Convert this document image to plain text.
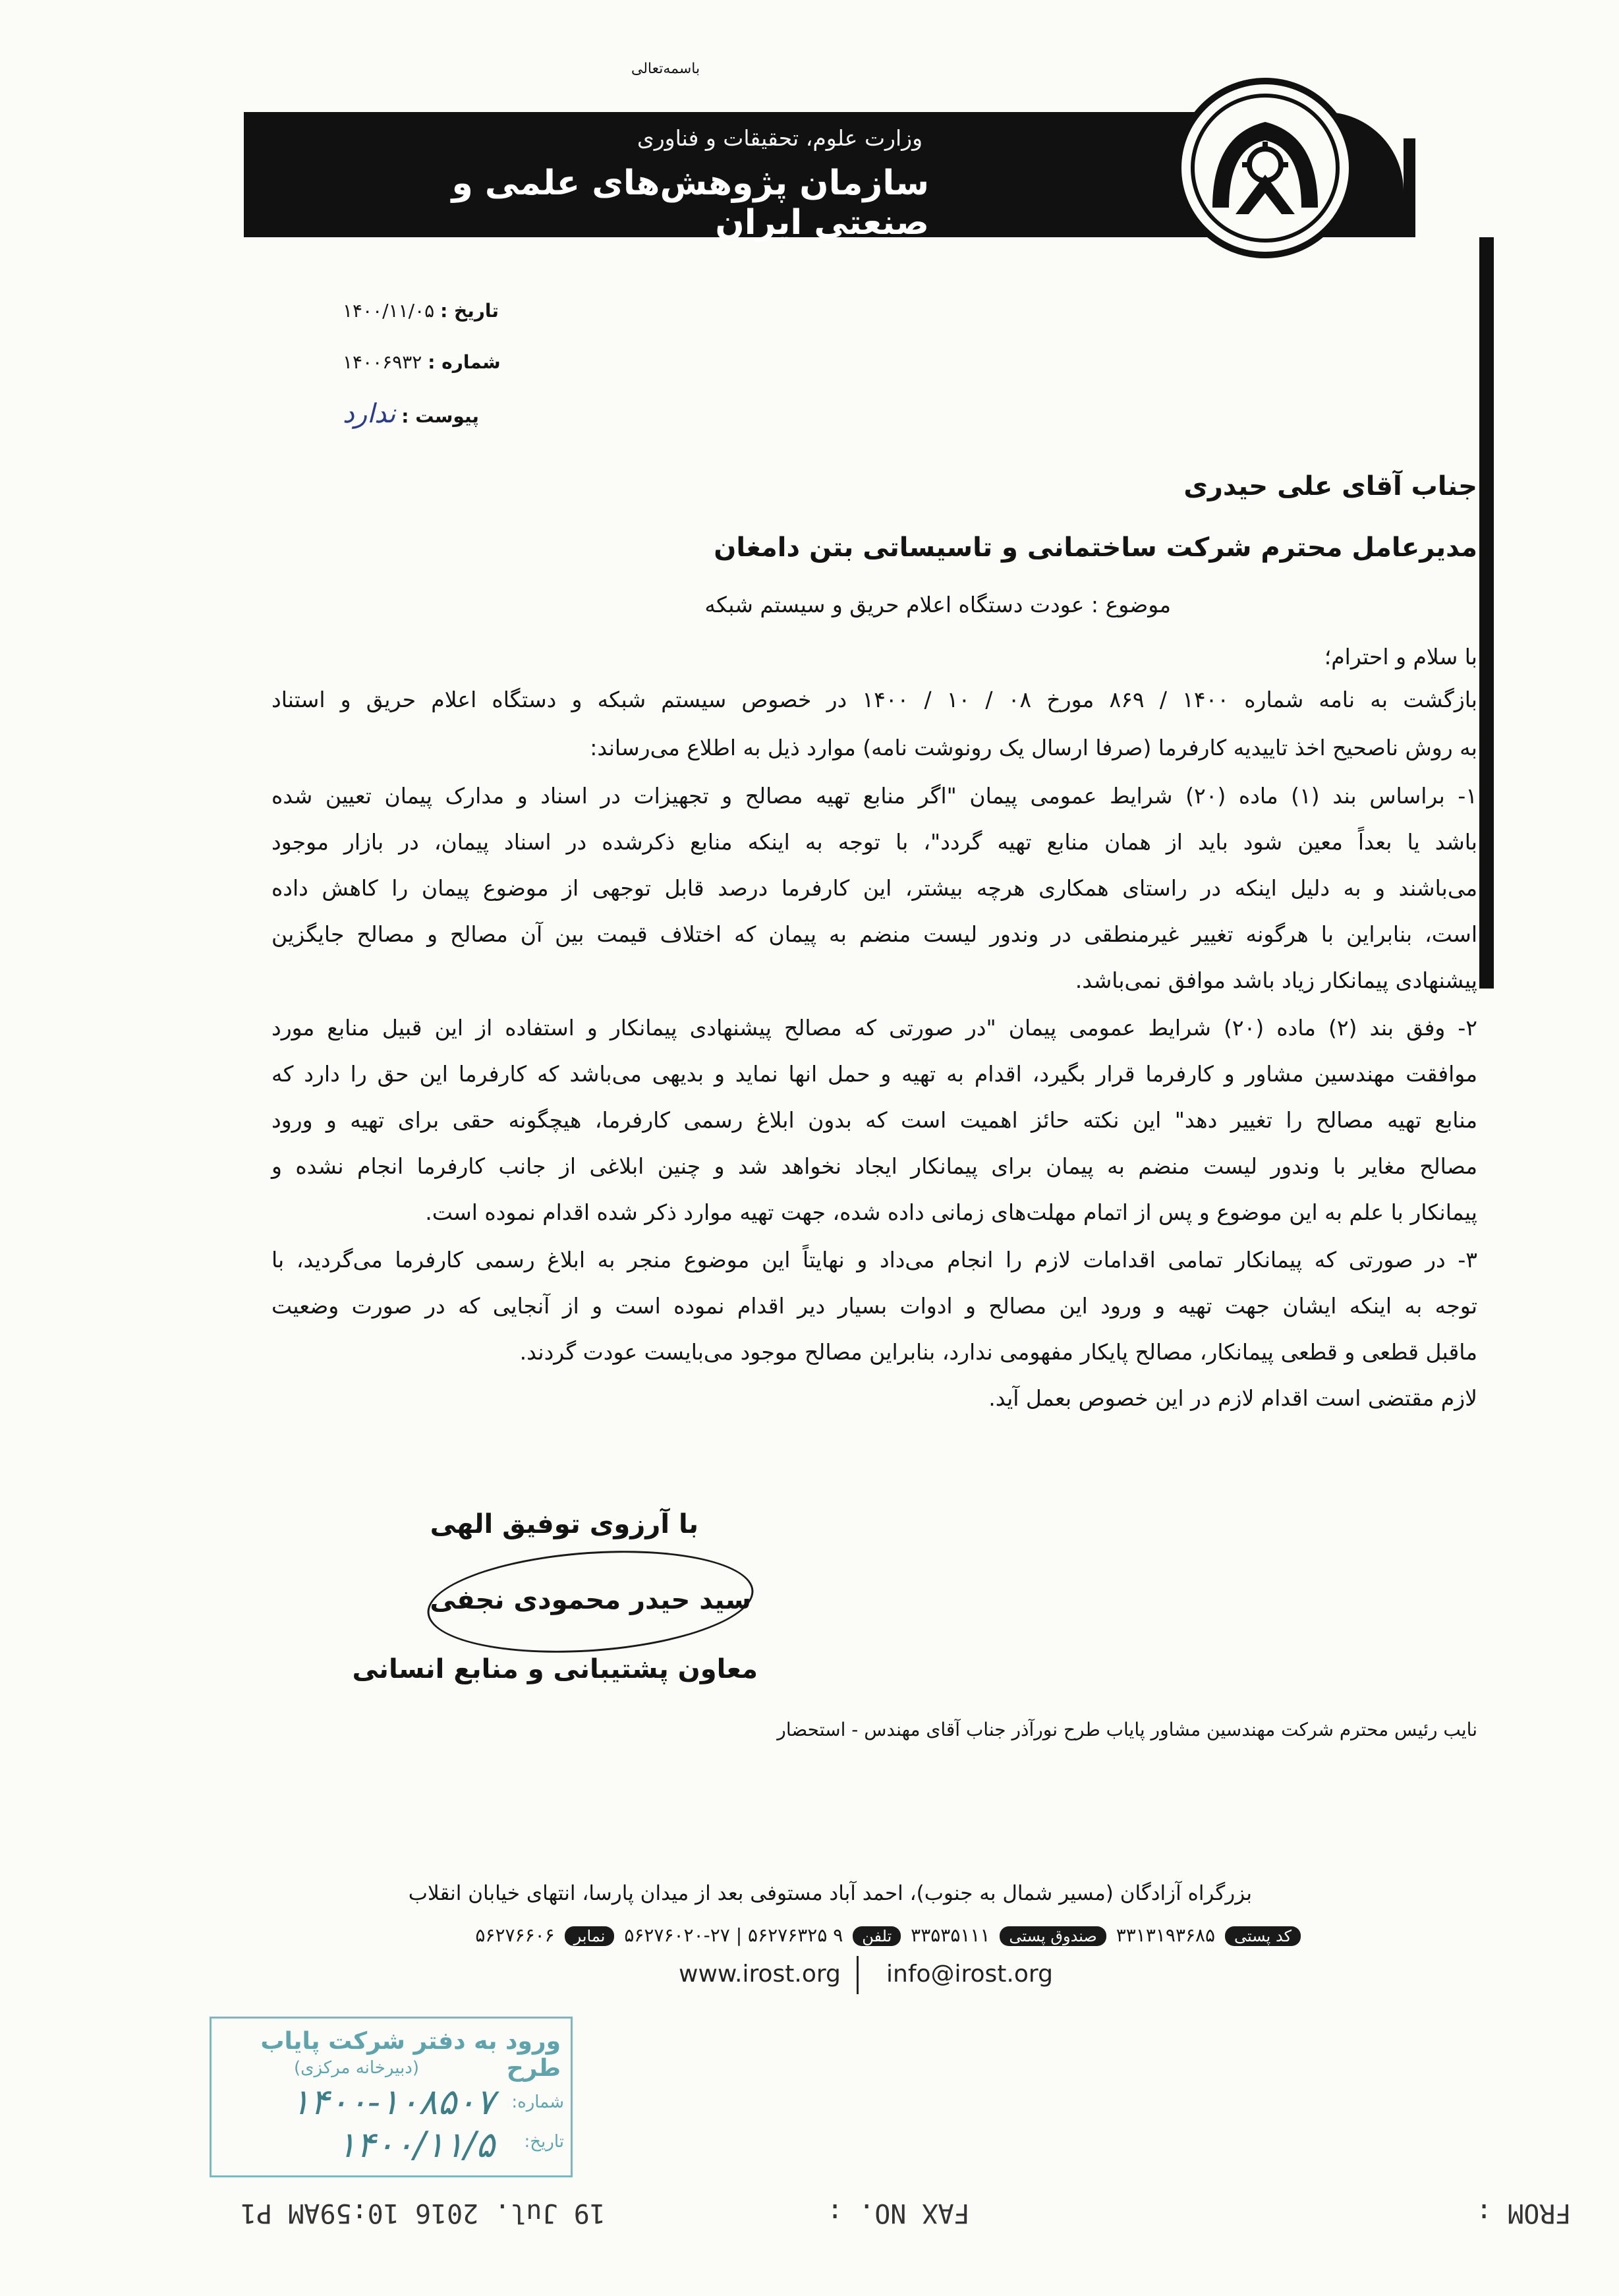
باسمه‌تعالی
وزارت علوم، تحقیقات و فناوری
سازمان پژوهش‌های علمی و صنعتی ایران
تاریخ : ۱۴۰۰/۱۱/۰۵
شماره : ۱۴۰۰۶۹۳۲
پیوست : ندارد
جناب آقای علی حیدری
مدیرعامل محترم شرکت ساختمانی و تاسیساتی بتن دامغان
موضوع : عودت دستگاه اعلام حریق و سیستم شبکه
با سلام و احترام؛
بازگشت به نامه شماره ۱۴۰۰ / ۸۶۹ مورخ ۰۸ / ۱۰ / ۱۴۰۰ در خصوص سیستم شبکه و دستگاه اعلام حریق و استناد
به روش ناصحیح اخذ تاییدیه کارفرما (صرفا ارسال یک رونوشت نامه) موارد ذیل به اطلاع می‌رساند:
۱- براساس بند (۱) ماده (۲۰) شرایط عمومی پیمان "اگر منابع تهیه مصالح و تجهیزات در اسناد و مدارک پیمان تعیین شده
باشد یا بعداً معین شود باید از همان منابع تهیه گردد"، با توجه به اینکه منابع ذکرشده در اسناد پیمان، در بازار موجود
می‌باشند و به دلیل اینکه در راستای همکاری هرچه بیشتر، این کارفرما درصد قابل توجهی از موضوع پیمان را کاهش داده
است، بنابراین با هرگونه تغییر غیرمنطقی در وندور لیست منضم به پیمان که اختلاف قیمت بین آن مصالح و مصالح جایگزین
پیشنهادی پیمانکار زیاد باشد موافق نمی‌باشد.
۲- وفق بند (۲) ماده (۲۰) شرایط عمومی پیمان "در صورتی که مصالح پیشنهادی پیمانکار و استفاده از این قبیل منابع مورد
موافقت مهندسین مشاور و کارفرما قرار بگیرد، اقدام به تهیه و حمل انها نماید و بدیهی می‌باشد که کارفرما این حق را دارد که
منابع تهیه مصالح را تغییر دهد" این نکته حائز اهمیت است که بدون ابلاغ رسمی کارفرما، هیچگونه حقی برای تهیه و ورود
مصالح مغایر با وندور لیست منضم به پیمان برای پیمانکار ایجاد نخواهد شد و چنین ابلاغی از جانب کارفرما انجام نشده و
پیمانکار با علم به این موضوع و پس از اتمام مهلت‌های زمانی داده شده، جهت تهیه موارد ذکر شده اقدام نموده است.
۳- در صورتی که پیمانکار تمامی اقدامات لازم را انجام می‌داد و نهایتاً این موضوع منجر به ابلاغ رسمی کارفرما می‌گردید، با
توجه به اینکه ایشان جهت تهیه و ورود این مصالح و ادوات بسیار دیر اقدام نموده است و از آنجایی که در صورت وضعیت
ماقبل قطعی و قطعی پیمانکار، مصالح پایکار مفهومی ندارد، بنابراین مصالح موجود می‌بایست عودت گردند.
لازم مقتضی است اقدام لازم در این خصوص بعمل آید.
با آرزوی توفیق الهی
سید حیدر محمودی نجفی
معاون پشتیبانی و منابع انسانی
نایب رئیس محترم شرکت مهندسین مشاور پایاب طرح نورآذر جناب آقای مهندس - استحضار
بزرگراه آزادگان (مسیر شمال به جنوب)، احمد آباد مستوفی بعد از میدان پارسا، انتهای خیابان انقلاب
کد پستی ۳۳۱۳۱۹۳۶۸۵ صندوق پستی ۳۳۵۳۵۱۱۱ تلفن ۹ ۵۶۲۷۶۳۲۵ | ۵۶۲۷۶۰۲۰-۲۷ نمابر ۵۶۲۷۶۶۰۶
www.irost.org info@irost.org
ورود به دفتر شرکت پایاب طرح
(دبیرخانه مرکزی)
شماره:
۱۴۰۰-۱۰۸۵۰۷
تاریخ:
۱۴۰۰/۱۱/۵
FROM :
FAX NO. :
19 Jul. 2016 10:59AM P1
